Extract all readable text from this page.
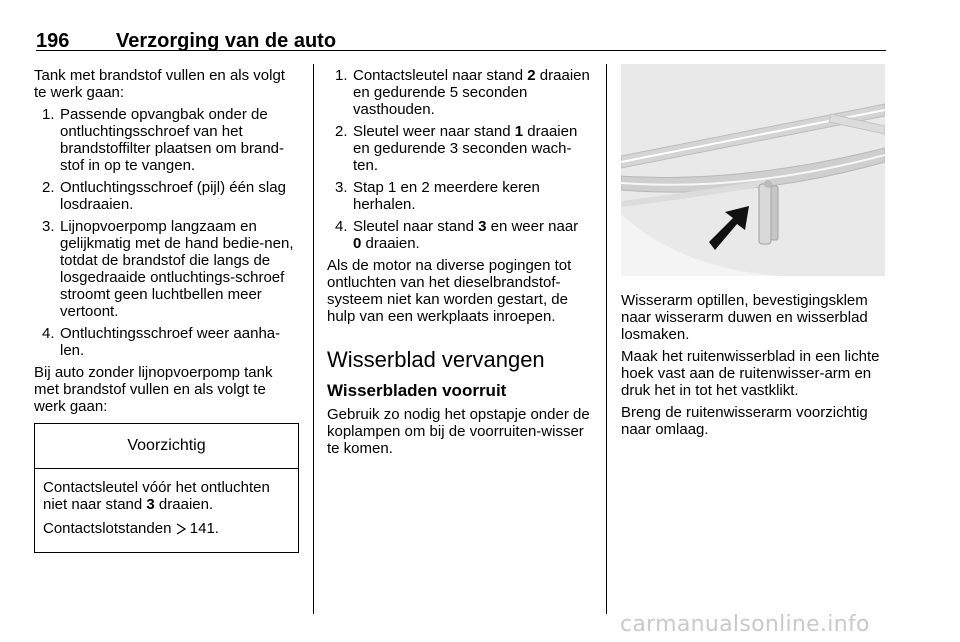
196 Verzorging van de auto

Tank met brandstof vullen en als volgt te werk gaan:

1. Passende opvangbak onder de ontluchtingsschroef van het brandstoffilter plaatsen om brand-stof in op te vangen.
2. Ontluchtingsschroef (pijl) één slag losdraaien.
3. Lijnopvoerpomp langzaam en gelijkmatig met de hand bedie-nen, totdat de brandstof die langs de losgedraaide ontluchtings-schroef stroomt geen luchtbellen meer vertoont.
4. Ontluchtingsschroef weer aanha-len.

Bij auto zonder lijnopvoerpomp tank met brandstof vullen en als volgt te werk gaan:

Voorzichtig

Contactsleutel vóór het ontluchten niet naar stand 3 draaien.

Contactslotstanden 141.

1. Contactsleutel naar stand 2 draaien en gedurende 5 seconden vasthouden.
2. Sleutel weer naar stand 1 draaien en gedurende 3 seconden wach-ten.
3. Stap 1 en 2 meerdere keren herhalen.
4. Sleutel naar stand 3 en weer naar
0 draaien.

Als de motor na diverse pogingen tot ontluchten van het dieselbrandstof-systeem niet kan worden gestart, de hulp van een werkplaats inroepen.

Wisserblad vervangen
Wisserbladen voorruit

Gebruik zo nodig het opstapje onder de koplampen om bij de voorruiten-wisser te komen.

Wisserarm optillen, bevestigingsklem naar wisserarm duwen en wisserblad losmaken.

Maak het ruitenwisserblad in een lichte hoek vast aan de ruitenwisser-arm en druk het in tot het vastklikt.

Breng de ruitenwisserarm voorzichtig naar omlaag.

carmanualsonline.info
